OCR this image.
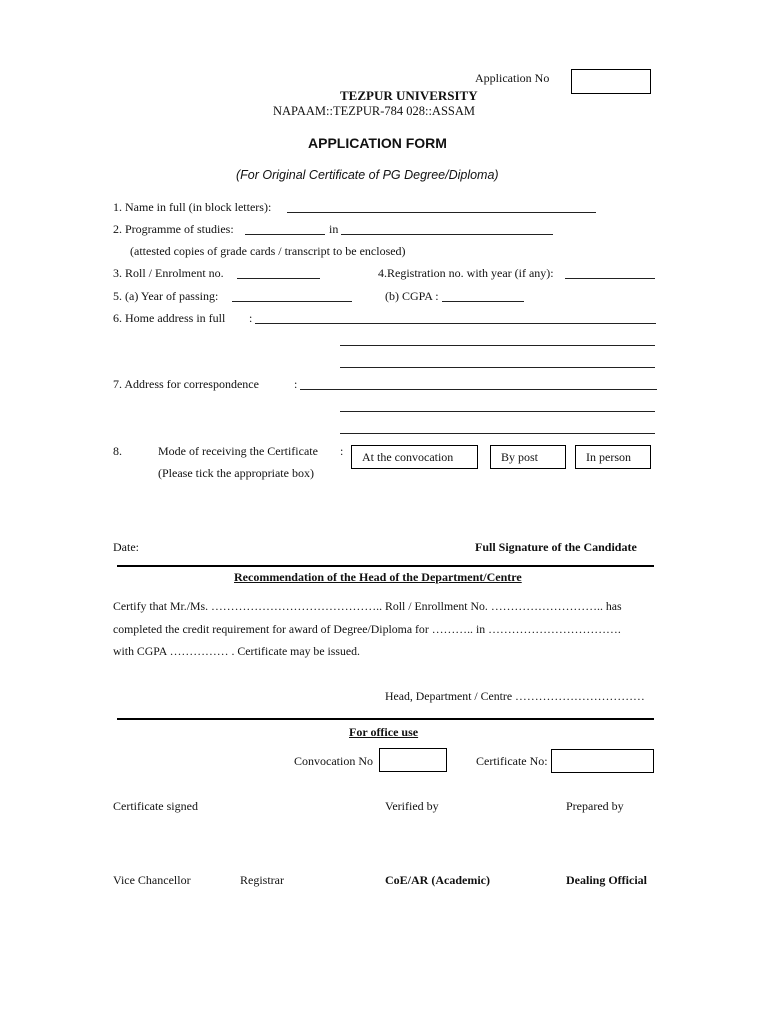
Application No
TEZPUR UNIVERSITY
NAPAAM::TEZPUR-784 028::ASSAM
APPLICATION FORM
(For Original Certificate of PG Degree/Diploma)
1. Name in full (in block letters):
2. Programme of studies:	in
(attested copies of grade cards / transcript to be enclosed)
3. Roll / Enrolment no.	4.Registration no. with year (if any):
5. (a) Year of passing:	(b) CGPA :
6. Home address in full :
7. Address for correspondence	:
8.	Mode of receiving the Certificate :
(Please tick the appropriate box)
At the convocation	By post	In person
Date:	Full Signature of the Candidate
Recommendation of the Head of the Department/Centre
Certify that Mr./Ms. …………………………………….. Roll / Enrollment No. ……………………….. has
completed the credit requirement for award of Degree/Diploma for ……….. in …………………………….
with CGPA …………… . Certificate may be issued.
Head, Department / Centre ……………………………
For office use
Convocation No	Certificate No:
Certificate signed	Verified by	Prepared by
Vice Chancellor	Registrar	CoE/AR (Academic)	Dealing Official
